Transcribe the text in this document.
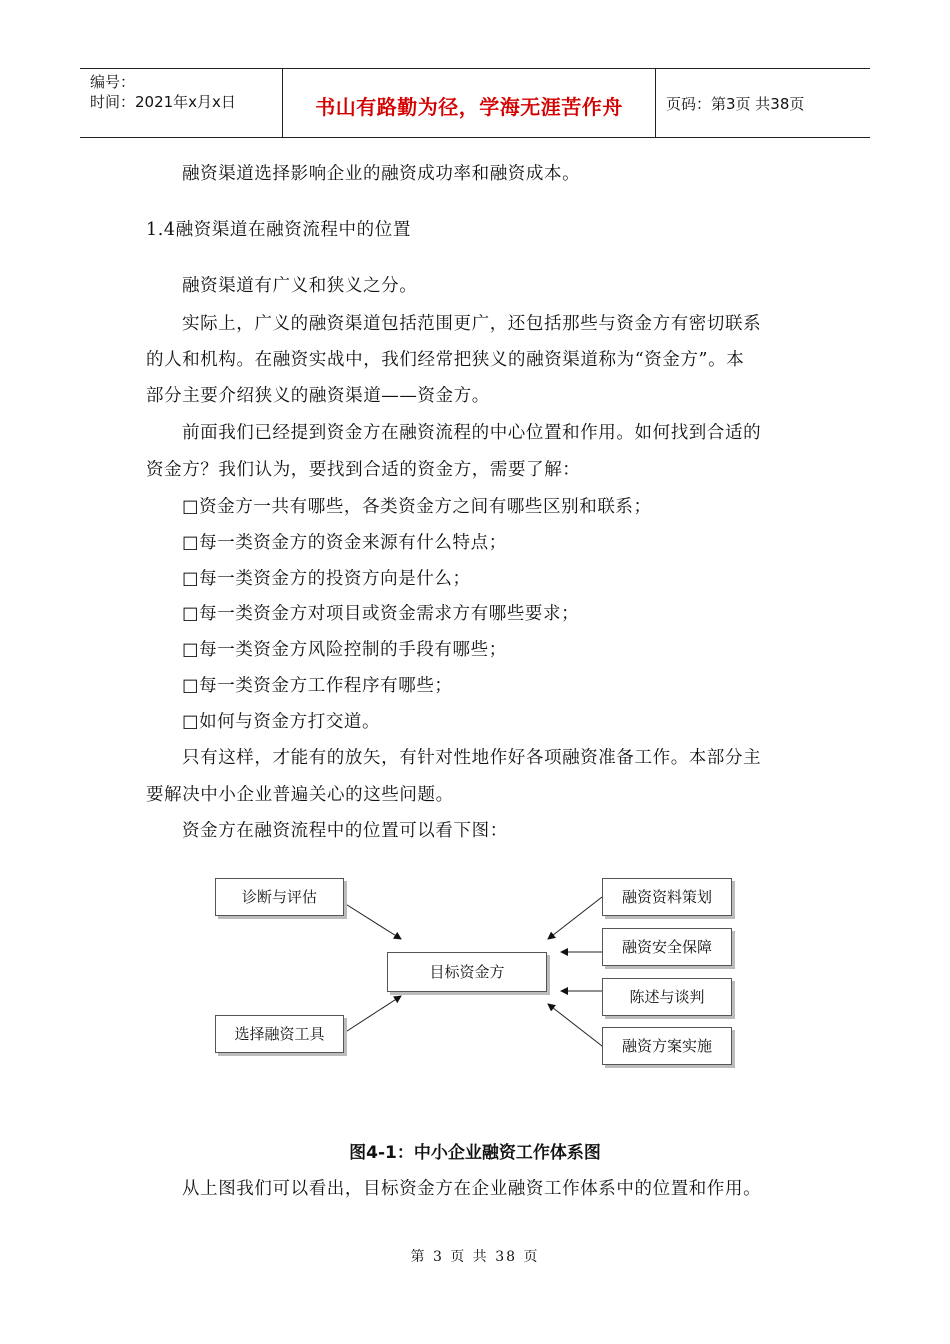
编号：
时间：2021年x月x日	书山有路勤为径，学海无涯苦作舟	页码：第3页 共38页
融资渠道选择影响企业的融资成功率和融资成本。
1.4融资渠道在融资流程中的位置
融资渠道有广义和狭义之分。
实际上，广义的融资渠道包括范围更广，还包括那些与资金方有密切联系
的人和机构。在融资实战中，我们经常把狭义的融资渠道称为“资金方”。本
部分主要介绍狭义的融资渠道——资金方。
前面我们已经提到资金方在融资流程的中心位置和作用。如何找到合适的
资金方？我们认为，要找到合适的资金方，需要了解：
□资金方一共有哪些，各类资金方之间有哪些区别和联系；
□每一类资金方的资金来源有什么特点；
□每一类资金方的投资方向是什么；
□每一类资金方对项目或资金需求方有哪些要求；
□每一类资金方风险控制的手段有哪些；
□每一类资金方工作程序有哪些；
□如何与资金方打交道。
只有这样，才能有的放矢，有针对性地作好各项融资准备工作。本部分主
要解决中小企业普遍关心的这些问题。
资金方在融资流程中的位置可以看下图：
诊断与评估
选择融资工具
目标资金方
融资资料策划
融资安全保障
陈述与谈判
融资方案实施
图4-1：中小企业融资工作体系图
从上图我们可以看出，目标资金方在企业融资工作体系中的位置和作用。
第 3 页 共 38 页
